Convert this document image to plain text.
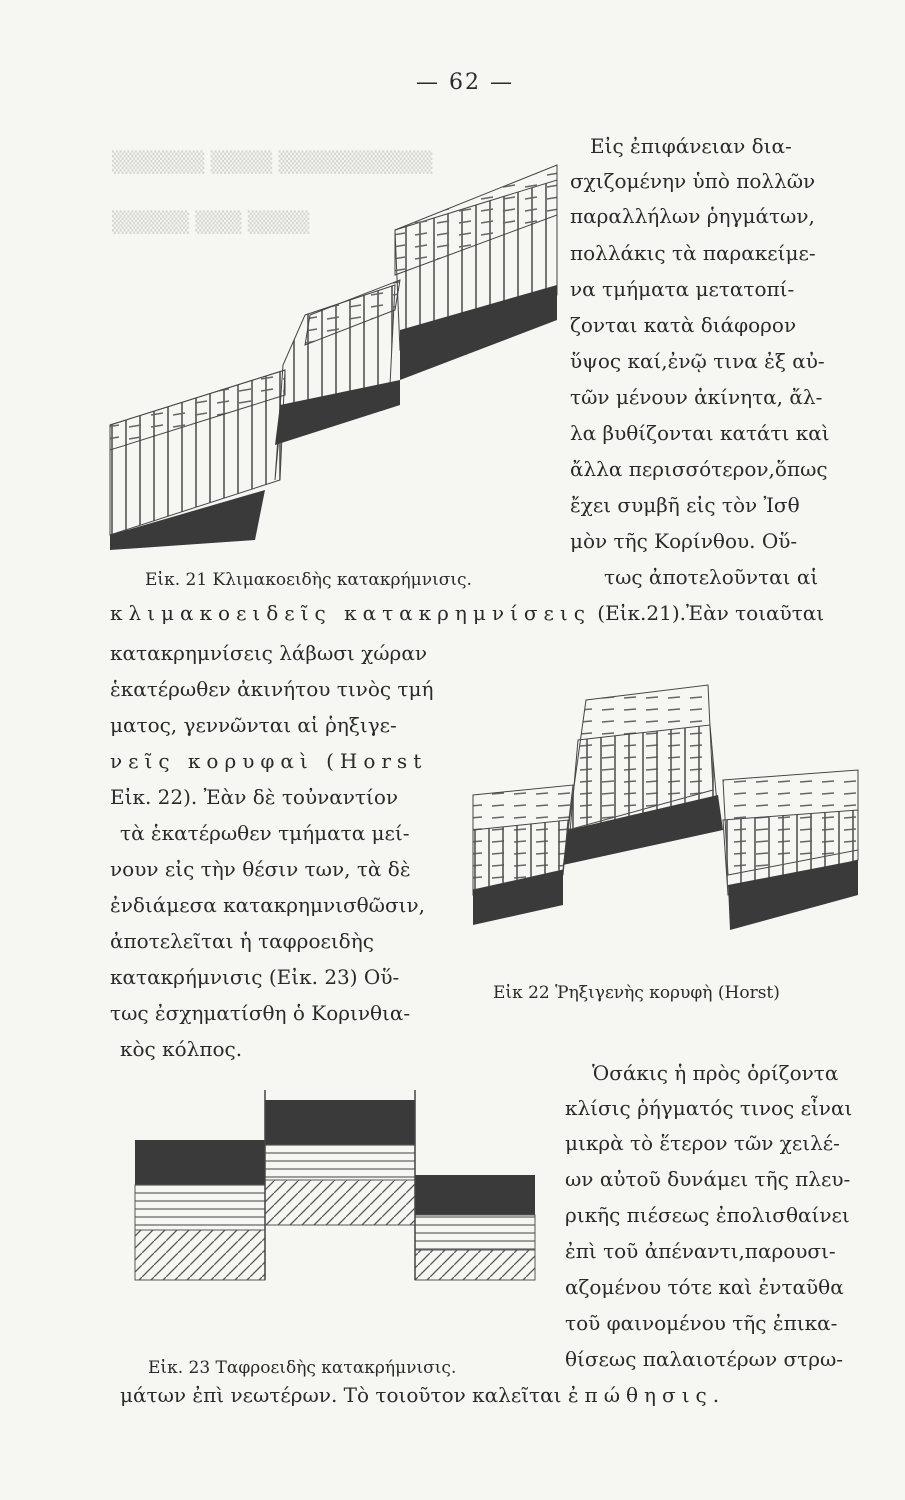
▒▒▒▒▒▒ ▒▒▒▒ ▒▒▒▒▒▒▒▒▒▒
▒▒▒▒▒ ▒▒▒ ▒▒▒▒
— 62 —
Εἰς ἐπιφάνειαν δια-
σχιζομένην ὑπὸ πολλῶν
παραλλήλων ῥηγμάτων,
πολλάκις τὰ παρακείμε-
να τμήματα μετατοπί-
ζονται κατὰ διάφορον
ὕψος καί,ἐνῷ τινα ἐξ αὐ-
τῶν μένουν ἀκίνητα, ἄλ-
λα βυθίζονται κατάτι καὶ
ἄλλα περισσότερον,ὅπως
ἔχει συμβῆ εἰς τὸν Ἰσθ
μὸν τῆς Κορίνθου. Οὕ-
τως ἀποτελοῦνται αἱ
Εἰκ. 21 Κλιμακοειδὴς κατακρήμνισις.
κλιμακοειδεῖς κατακρημνίσεις (Εἰκ.21).Ἐὰν τοιαῦται
κατακρημνίσεις λάβωσι χώραν
ἑκατέρωθεν ἀκινήτου τινὸς τμή
ματος, γεννῶνται αἱ ῥηξιγε-
νεῖς κορυφαὶ (Horst
Εἰκ. 22). Ἐὰν δὲ τοὐναντίον
τὰ ἑκατέρωθεν τμήματα μεί-
νουν εἰς τὴν θέσιν των, τὰ δὲ
ἐνδιάμεσα κατακρημνισθῶσιν,
ἀποτελεῖται ἡ ταφροειδὴς
κατακρήμνισις (Εἰκ. 23) Οὕ-
τως ἐσχηματίσθη ὁ Κορινθια-
κὸς κόλπος.
Εἰκ 22 Ῥηξιγενὴς κορυφὴ (Horst)
Ὁσάκις ἡ πρὸς ὁρίζοντα
κλίσις ῥήγματός τινος εἶναι
μικρὰ τὸ ἕτερον τῶν χειλέ-
ων αὐτοῦ δυνάμει τῆς πλευ-
ρικῆς πιέσεως ἐπολισθαίνει
ἐπὶ τοῦ ἀπέναντι,παρουσι-
αζομένου τότε καὶ ἐνταῦθα
τοῦ φαινομένου τῆς ἐπικα-
θίσεως παλαιοτέρων στρω-
Εἰκ. 23 Ταφροειδὴς κατακρήμνισις.
μάτων ἐπὶ νεωτέρων. Τὸ τοιοῦτον καλεῖται ἐπώθησις.
